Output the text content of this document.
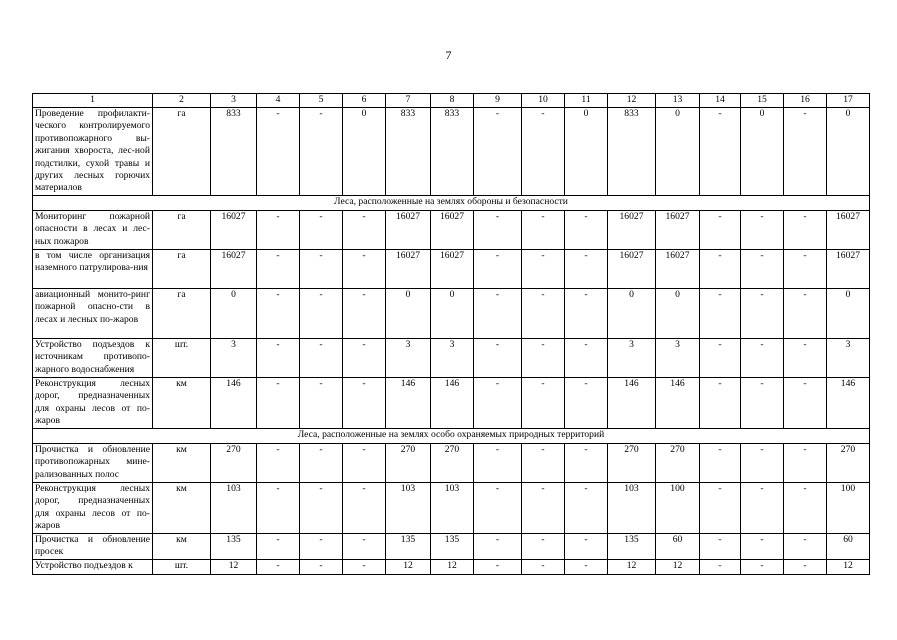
7
1	2	3	4	5	6	7	8	9	10	11	12	13	14	15	16	17
Проведение профилакти-ческого контролируемого противопожарного вы-жигания хворостa, лес-ной подстилки, сухой травы и других лесных горючих материалов	га	833	-	-	0	833	833	-	-	0	833	0	-	0	-	0
Леса, расположенные на землях обороны и безопасности																
Мониторинг пожарной опасности в лесах и лес-ных пожаров	га	16027	-	-	-	16027	16027	-	-	-	16027	16027	-	-	-	16027
в том числе организация наземного патрулирова-ния	га	16027	-	-	-	16027	16027	-	-	-	16027	16027	-	-	-	16027
авиационный монито-ринг пожарной опасно-сти в лесах и лесных по-жаров	га	0	-	-	-	0	0	-	-	-	0	0	-	-	-	0
Устройство подъездов к источникам противопо-жарного водоснабжения	шт.	3	-	-	-	3	3	-	-	-	3	3	-	-	-	3
Реконструкция лесных дорог, предназначенных для охраны лесов от по-жаров	км	146	-	-	-	146	146	-	-	-	146	146	-	-	-	146
Леса, расположенные на землях особо охраняемых природных территорий																
Прочистка и обновление противопожарных мине-рализованных полос	км	270	-	-	-	270	270	-	-	-	270	270	-	-	-	270
Реконструкция лесных дорог, предназначенных для охраны лесов от по-жаров	км	103	-	-	-	103	103	-	-	-	103	100	-	-	-	100
Прочистка и обновление просек	км	135	-	-	-	135	135	-	-	-	135	60	-	-	-	60
Устройство подъездов к	шт.	12	-	-	-	12	12	-	-	-	12	12	-	-	-	12
